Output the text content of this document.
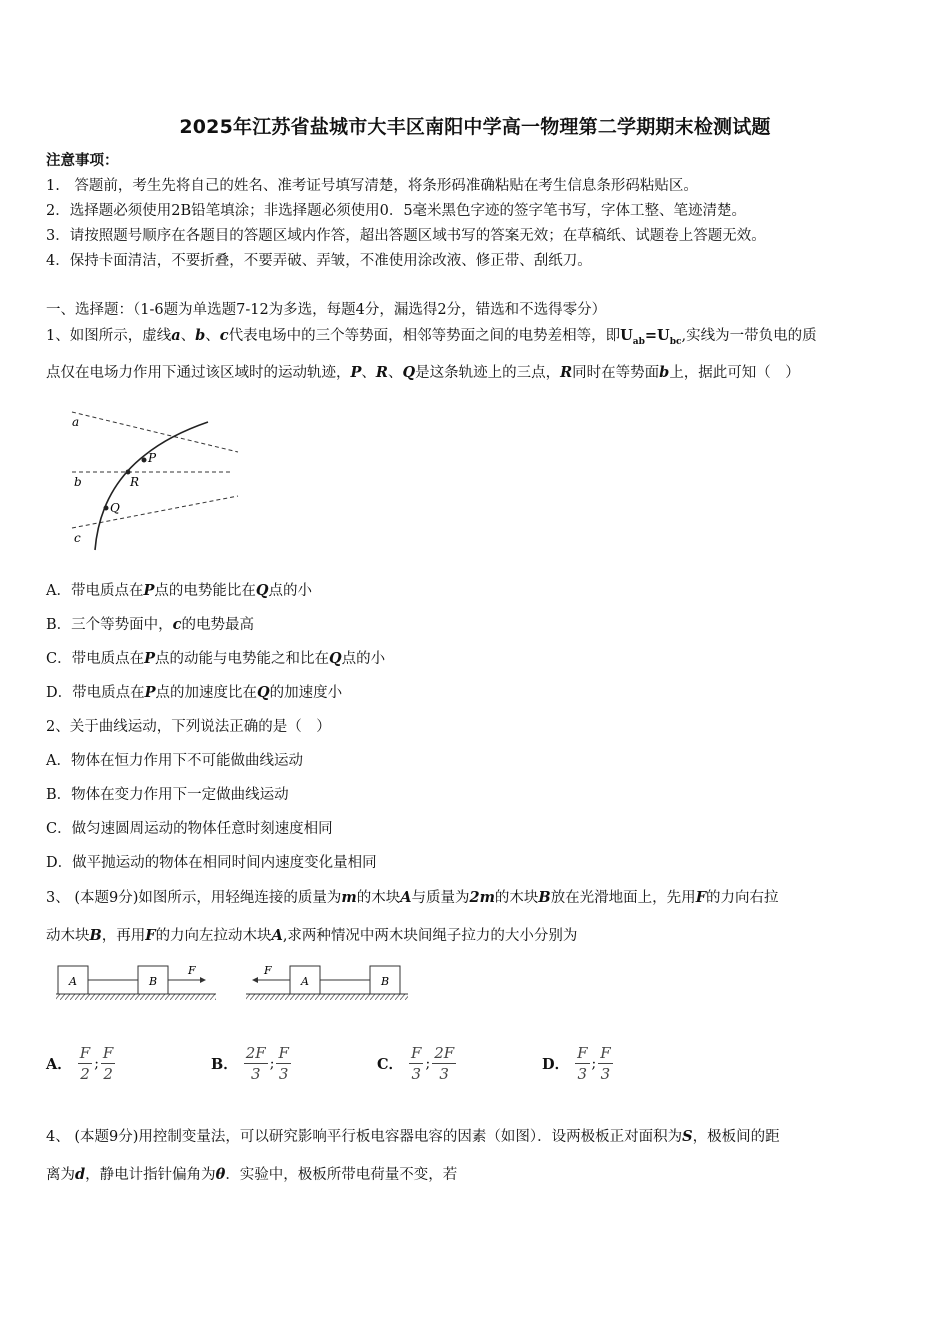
2025年江苏省盐城市大丰区南阳中学高一物理第二学期期末检测试题
注意事项：
1.　答题前，考生先将自己的姓名、准考证号填写清楚，将条形码准确粘贴在考生信息条形码粘贴区。
2．选择题必须使用2B铅笔填涂；非选择题必须使用0．5毫米黑色字迹的签字笔书写，字体工整、笔迹清楚。
3．请按照题号顺序在各题目的答题区域内作答，超出答题区域书写的答案无效；在草稿纸、试题卷上答题无效。
4．保持卡面清洁，不要折叠，不要弄破、弄皱，不准使用涂改液、修正带、刮纸刀。
一、选择题：（1-6题为单选题7-12为多选，每题4分，漏选得2分，错选和不选得零分）
1、如图所示，虚线a、b、c代表电场中的三个等势面，相邻等势面之间的电势差相等，即$U_{ab}=U_{bc}$,实线为一带负电的质
点仅在电场力作用下通过该区域时的运动轨迹，P、R、Q是这条轨迹上的三点，R同时在等势面b上，据此可知（　）
a
b
c
P
R
Q
A．带电质点在P点的电势能比在Q点的小
B．三个等势面中，c的电势最高
C．带电质点在P点的动能与电势能之和比在Q点的小
D．带电质点在P点的加速度比在Q的加速度小
2、关于曲线运动，下列说法正确的是（　）
A．物体在恒力作用下不可能做曲线运动
B．物体在变力作用下一定做曲线运动
C．做匀速圆周运动的物体任意时刻速度相同
D．做平抛运动的物体在相同时间内速度变化量相同
3、 (本题9分)如图所示，用轻绳连接的质量为m的木块A与质量为2m的木块B放在光滑地面上，先用F的力向右拉
动木块B，再用F的力向左拉动木块A,求两种情况中两木块间绳子拉力的大小分别为
A	B
F
A	B
F
A． $\frac{F}{2}$ ; $\frac{F}{2}$	B． $\frac{2F}{3}$ ; $\frac{F}{3}$	C． $\frac{F}{3}$ ; $\frac{2F}{3}$	D． $\frac{F}{3}$ ; $\frac{F}{3}$
4、 (本题9分)用控制变量法，可以研究影响平行板电容器电容的因素（如图）．设两极板正对面积为S，极板间的距
离为d，静电计指针偏角为θ．实验中，极板所带电荷量不变，若
